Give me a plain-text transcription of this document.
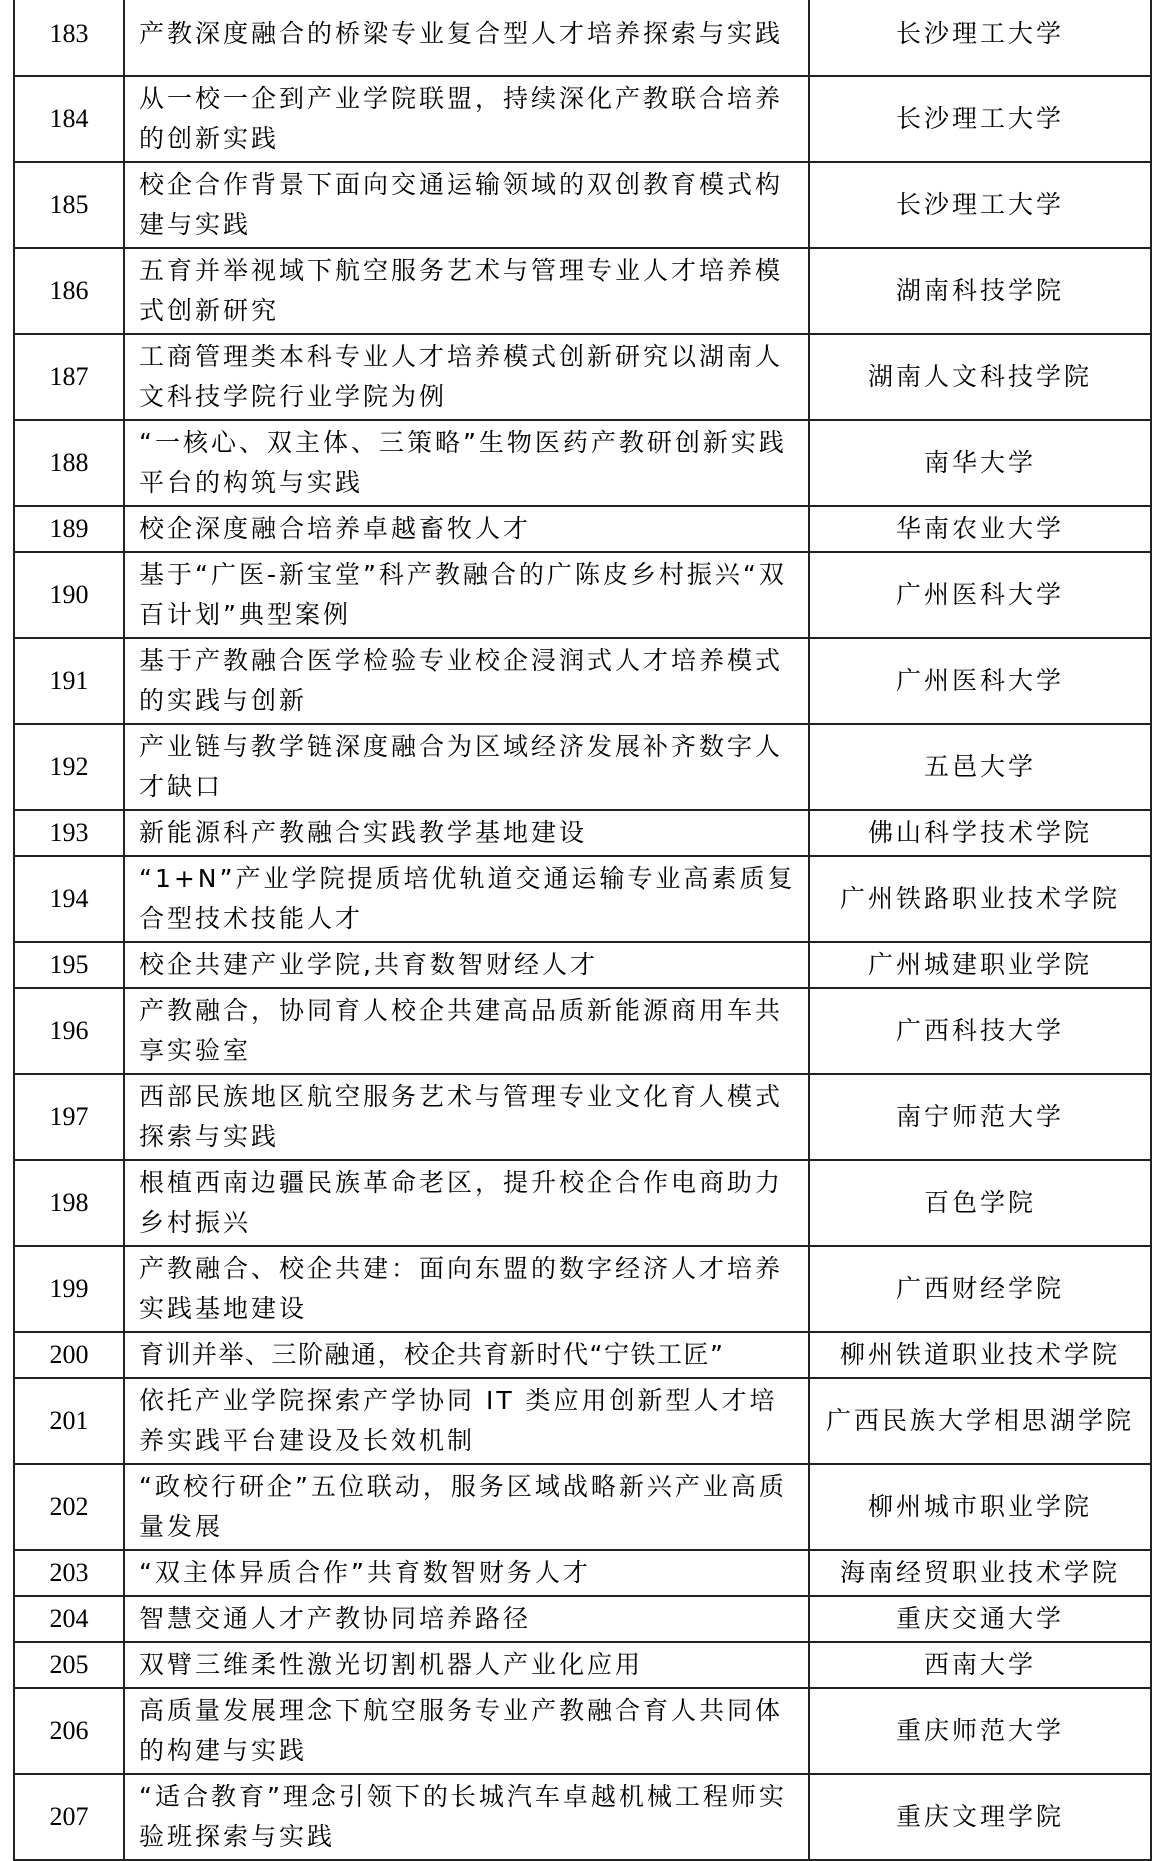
183	产教深度融合的桥梁专业复合型人才培养探索与实践	长沙理工大学
184	从一校一企到产业学院联盟，持续深化产教联合培养的创新实践	长沙理工大学
185	校企合作背景下面向交通运输领域的双创教育模式构建与实践	长沙理工大学
186	五育并举视域下航空服务艺术与管理专业人才培养模式创新研究	湖南科技学院
187	工商管理类本科专业人才培养模式创新研究以湖南人文科技学院行业学院为例	湖南人文科技学院
188	“一核心、双主体、三策略”生物医药产教研创新实践平台的构筑与实践	南华大学
189	校企深度融合培养卓越畜牧人才	华南农业大学
190	基于“广医-新宝堂”科产教融合的广陈皮乡村振兴“双百计划”典型案例	广州医科大学
191	基于产教融合医学检验专业校企浸润式人才培养模式的实践与创新	广州医科大学
192	产业链与教学链深度融合为区域经济发展补齐数字人才缺口	五邑大学
193	新能源科产教融合实践教学基地建设	佛山科学技术学院
194	“1+N”产业学院提质培优轨道交通运输专业高素质复合型技术技能人才	广州铁路职业技术学院
195	校企共建产业学院,共育数智财经人才	广州城建职业学院
196	产教融合，协同育人校企共建高品质新能源商用车共享实验室	广西科技大学
197	西部民族地区航空服务艺术与管理专业文化育人模式探索与实践	南宁师范大学
198	根植西南边疆民族革命老区，提升校企合作电商助力乡村振兴	百色学院
199	产教融合、校企共建：面向东盟的数字经济人才培养实践基地建设	广西财经学院
200	育训并举、三阶融通，校企共育新时代“宁铁工匠”	柳州铁道职业技术学院
201	依托产业学院探索产学协同 IT 类应用创新型人才培养实践平台建设及长效机制	广西民族大学相思湖学院
202	“政校行研企”五位联动，服务区域战略新兴产业高质量发展	柳州城市职业学院
203	“双主体异质合作”共育数智财务人才	海南经贸职业技术学院
204	智慧交通人才产教协同培养路径	重庆交通大学
205	双臂三维柔性激光切割机器人产业化应用	西南大学
206	高质量发展理念下航空服务专业产教融合育人共同体的构建与实践	重庆师范大学
207	“适合教育”理念引领下的长城汽车卓越机械工程师实验班探索与实践	重庆文理学院
